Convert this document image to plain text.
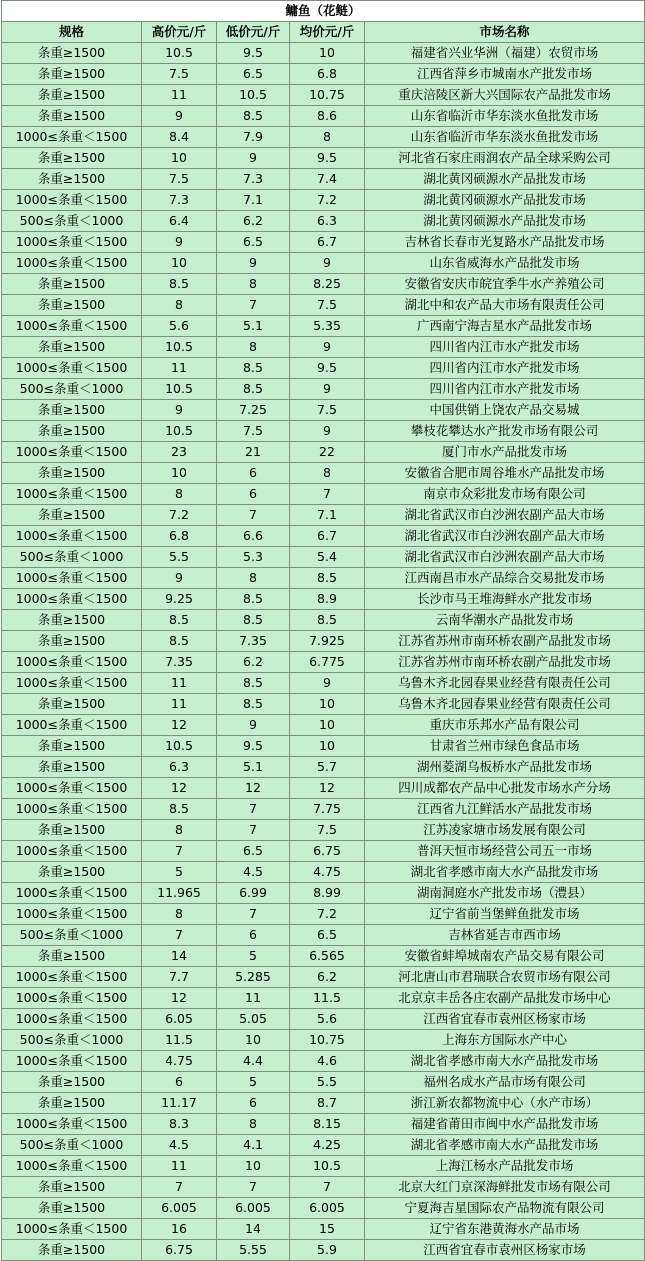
鳙鱼（花鲢）				
规格	高价元/斤	低价元/斤	均价元/斤	市场名称
条重≥1500	10.5	9.5	10	福建省兴业华洲（福建）农贸市场
条重≥1500	7.5	6.5	6.8	江西省萍乡市城南水产批发市场
条重≥1500	11	10.5	10.75	重庆涪陵区新大兴国际农产品批发市场
条重≥1500	9	8.5	8.6	山东省临沂市华东淡水鱼批发市场
1000≤条重＜1500	8.4	7.9	8	山东省临沂市华东淡水鱼批发市场
条重≥1500	10	9	9.5	河北省石家庄雨润农产品全球采购公司
条重≥1500	7.5	7.3	7.4	湖北黄冈硕源水产品批发市场
1000≤条重＜1500	7.3	7.1	7.2	湖北黄冈硕源水产品批发市场
500≤条重＜1000	6.4	6.2	6.3	湖北黄冈硕源水产品批发市场
1000≤条重＜1500	9	6.5	6.7	吉林省长春市光复路水产品批发市场
1000≤条重＜1500	10	9	9	山东省威海水产品批发市场
条重≥1500	8.5	8	8.25	安徽省安庆市皖宜季牛水产养殖公司
条重≥1500	8	7	7.5	湖北中和农产品大市场有限责任公司
1000≤条重＜1500	5.6	5.1	5.35	广西南宁海吉星水产品批发市场
条重≥1500	10.5	8	9	四川省内江市水产批发市场
1000≤条重＜1500	11	8.5	9.5	四川省内江市水产批发市场
500≤条重＜1000	10.5	8.5	9	四川省内江市水产批发市场
条重≥1500	9	7.25	7.5	中国供销上饶农产品交易城
条重≥1500	10.5	7.5	9	攀枝花攀达水产批发市场有限公司
1000≤条重＜1500	23	21	22	厦门市水产品批发市场
条重≥1500	10	6	8	安徽省合肥市周谷堆水产品批发市场
1000≤条重＜1500	8	6	7	南京市众彩批发市场有限公司
条重≥1500	7.2	7	7.1	湖北省武汉市白沙洲农副产品大市场
1000≤条重＜1500	6.8	6.6	6.7	湖北省武汉市白沙洲农副产品大市场
500≤条重＜1000	5.5	5.3	5.4	湖北省武汉市白沙洲农副产品大市场
1000≤条重＜1500	9	8	8.5	江西南昌市水产品综合交易批发市场
1000≤条重＜1500	9.25	8.5	8.9	长沙市马王堆海鲜水产批发市场
条重≥1500	8.5	8.5	8.5	云南华潮水产品批发市场
条重≥1500	8.5	7.35	7.925	江苏省苏州市南环桥农副产品批发市场
1000≤条重＜1500	7.35	6.2	6.775	江苏省苏州市南环桥农副产品批发市场
1000≤条重＜1500	11	8.5	9	乌鲁木齐北园春果业经营有限责任公司
条重≥1500	11	8.5	10	乌鲁木齐北园春果业经营有限责任公司
1000≤条重＜1500	12	9	10	重庆市乐邦水产品有限公司
条重≥1500	10.5	9.5	10	甘肃省兰州市绿色食品市场
条重≥1500	6.3	5.1	5.7	湖州菱湖乌板桥水产品批发市场
1000≤条重＜1500	12	12	12	四川成都农产品中心批发市场水产分场
1000≤条重＜1500	8.5	7	7.75	江西省九江鲜活水产品批发市场
条重≥1500	8	7	7.5	江苏凌家塘市场发展有限公司
1000≤条重＜1500	7	6.5	6.75	普洱天恒市场经营公司五一市场
条重≥1500	5	4.5	4.75	湖北省孝感市南大水产品批发市场
1000≤条重＜1500	11.965	6.99	8.99	湖南洞庭水产批发市场（澧县）
1000≤条重＜1500	8	7	7.2	辽宁省前当堡鲜鱼批发市场
500≤条重＜1000	7	6	6.5	吉林省延吉市西市场
条重≥1500	14	5	6.565	安徽省蚌埠城南农产品交易有限公司
1000≤条重＜1500	7.7	5.285	6.2	河北唐山市君瑞联合农贸市场有限公司
1000≤条重＜1500	12	11	11.5	北京京丰岳各庄农副产品批发市场中心
1000≤条重＜1500	6.05	5.05	5.6	江西省宜春市袁州区杨家市场
500≤条重＜1000	11.5	10	10.75	上海东方国际水产中心
1000≤条重＜1500	4.75	4.4	4.6	湖北省孝感市南大水产品批发市场
条重≥1500	6	5	5.5	福州名成水产品市场有限公司
条重≥1500	11.17	6	8.7	浙江新农都物流中心（水产市场）
1000≤条重＜1500	8.3	8	8.15	福建省莆田市闽中水产品批发市场
500≤条重＜1000	4.5	4.1	4.25	湖北省孝感市南大水产品批发市场
1000≤条重＜1500	11	10	10.5	上海江杨水产品批发市场
条重≥1500	7	7	7	北京大红门京深海鲜批发市场有限公司
条重≥1500	6.005	6.005	6.005	宁夏海吉星国际农产品物流有限公司
1000≤条重＜1500	16	14	15	辽宁省东港黄海水产品市场
条重≥1500	6.75	5.55	5.9	江西省宜春市袁州区杨家市场
